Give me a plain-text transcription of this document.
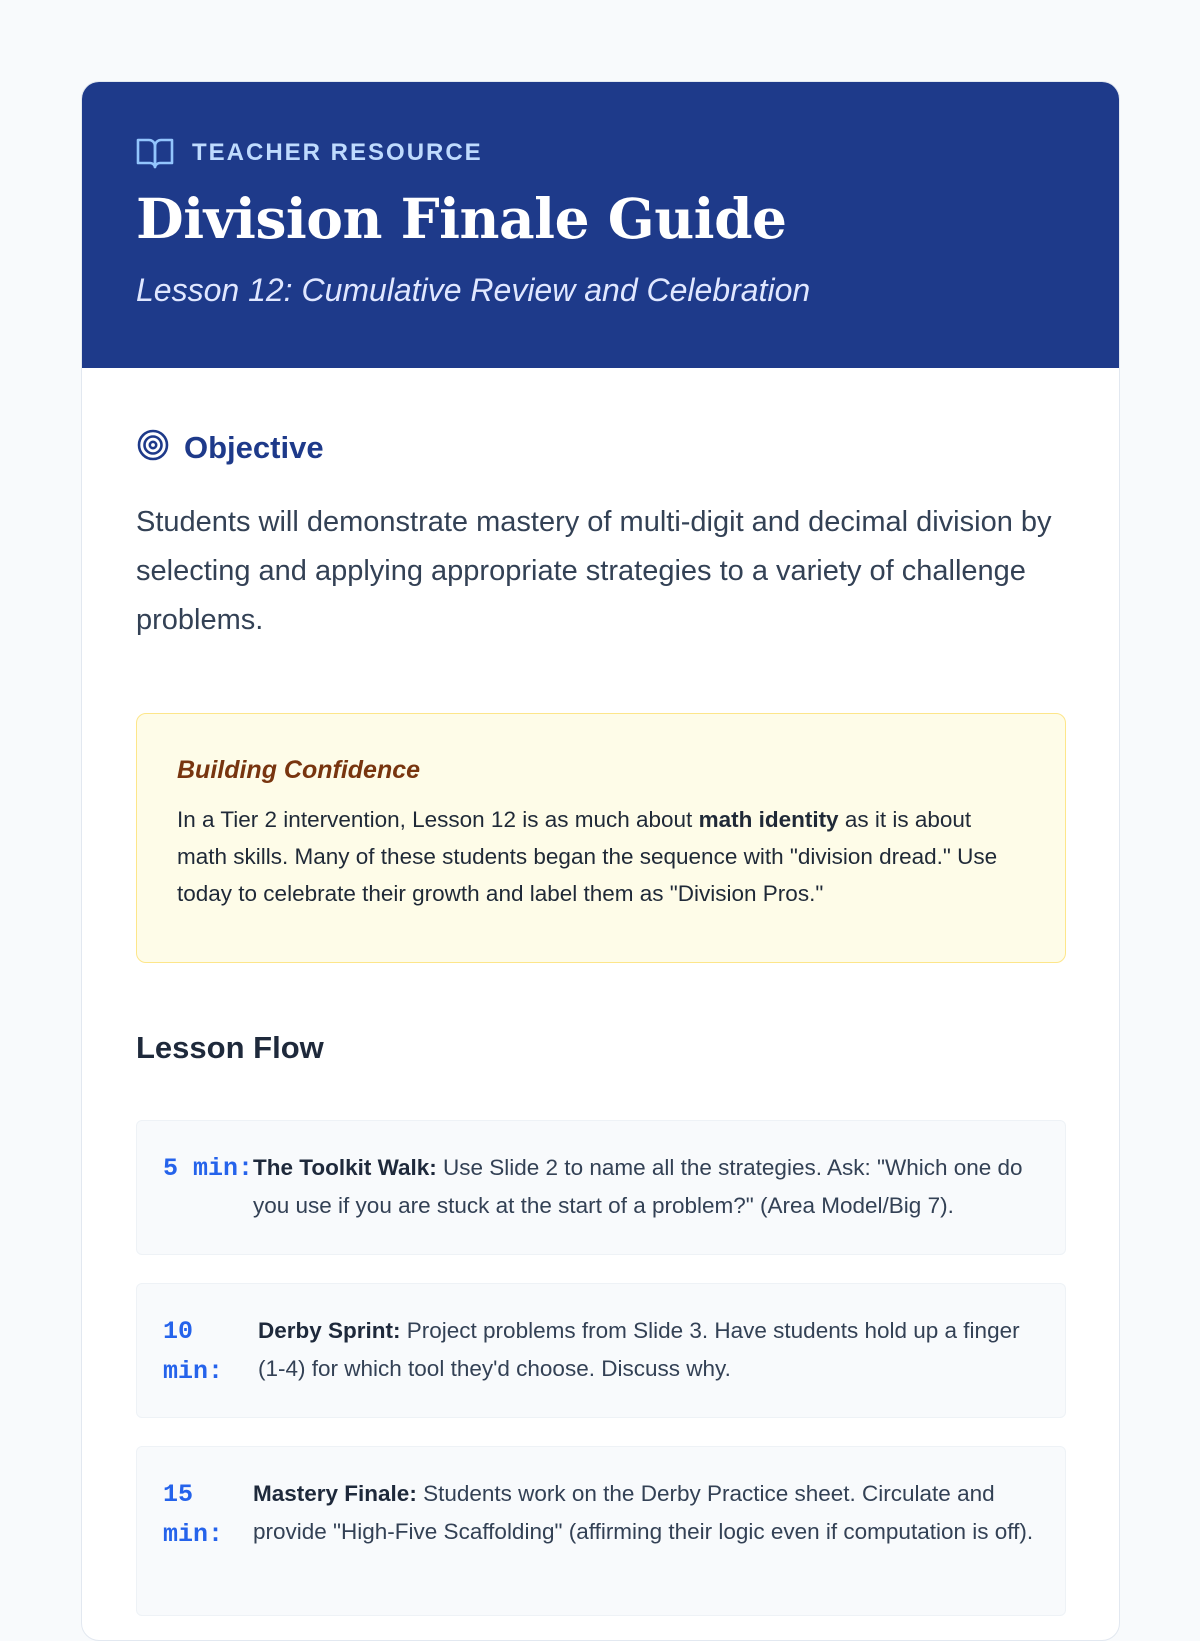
TEACHER RESOURCE
Division Finale Guide
Lesson 12: Cumulative Review and Celebration
Objective

Students will demonstrate mastery of multi-digit and decimal division by selecting and applying appropriate strategies to a variety of challenge problems.

Building Confidence

In a Tier 2 intervention, Lesson 12 is as much about math identity as it is about math skills. Many of these students began the sequence with "division dread." Use today to celebrate their growth and label them as "Division Pros."

Lesson Flow
5 min: The Toolkit Walk: Use Slide 2 to name all the strategies. Ask: "Which one do you use if you are stuck at the start of a problem?" (Area Model/Big 7).

10 min:

Derby Sprint: Project problems from Slide 3. Have students hold up a finger (1-4) for which tool they'd choose. Discuss why.

15 min:

Mastery Finale: Students work on the Derby Practice sheet. Circulate and provide "High-Five Scaffolding" (affirming their logic even if computation is off).
